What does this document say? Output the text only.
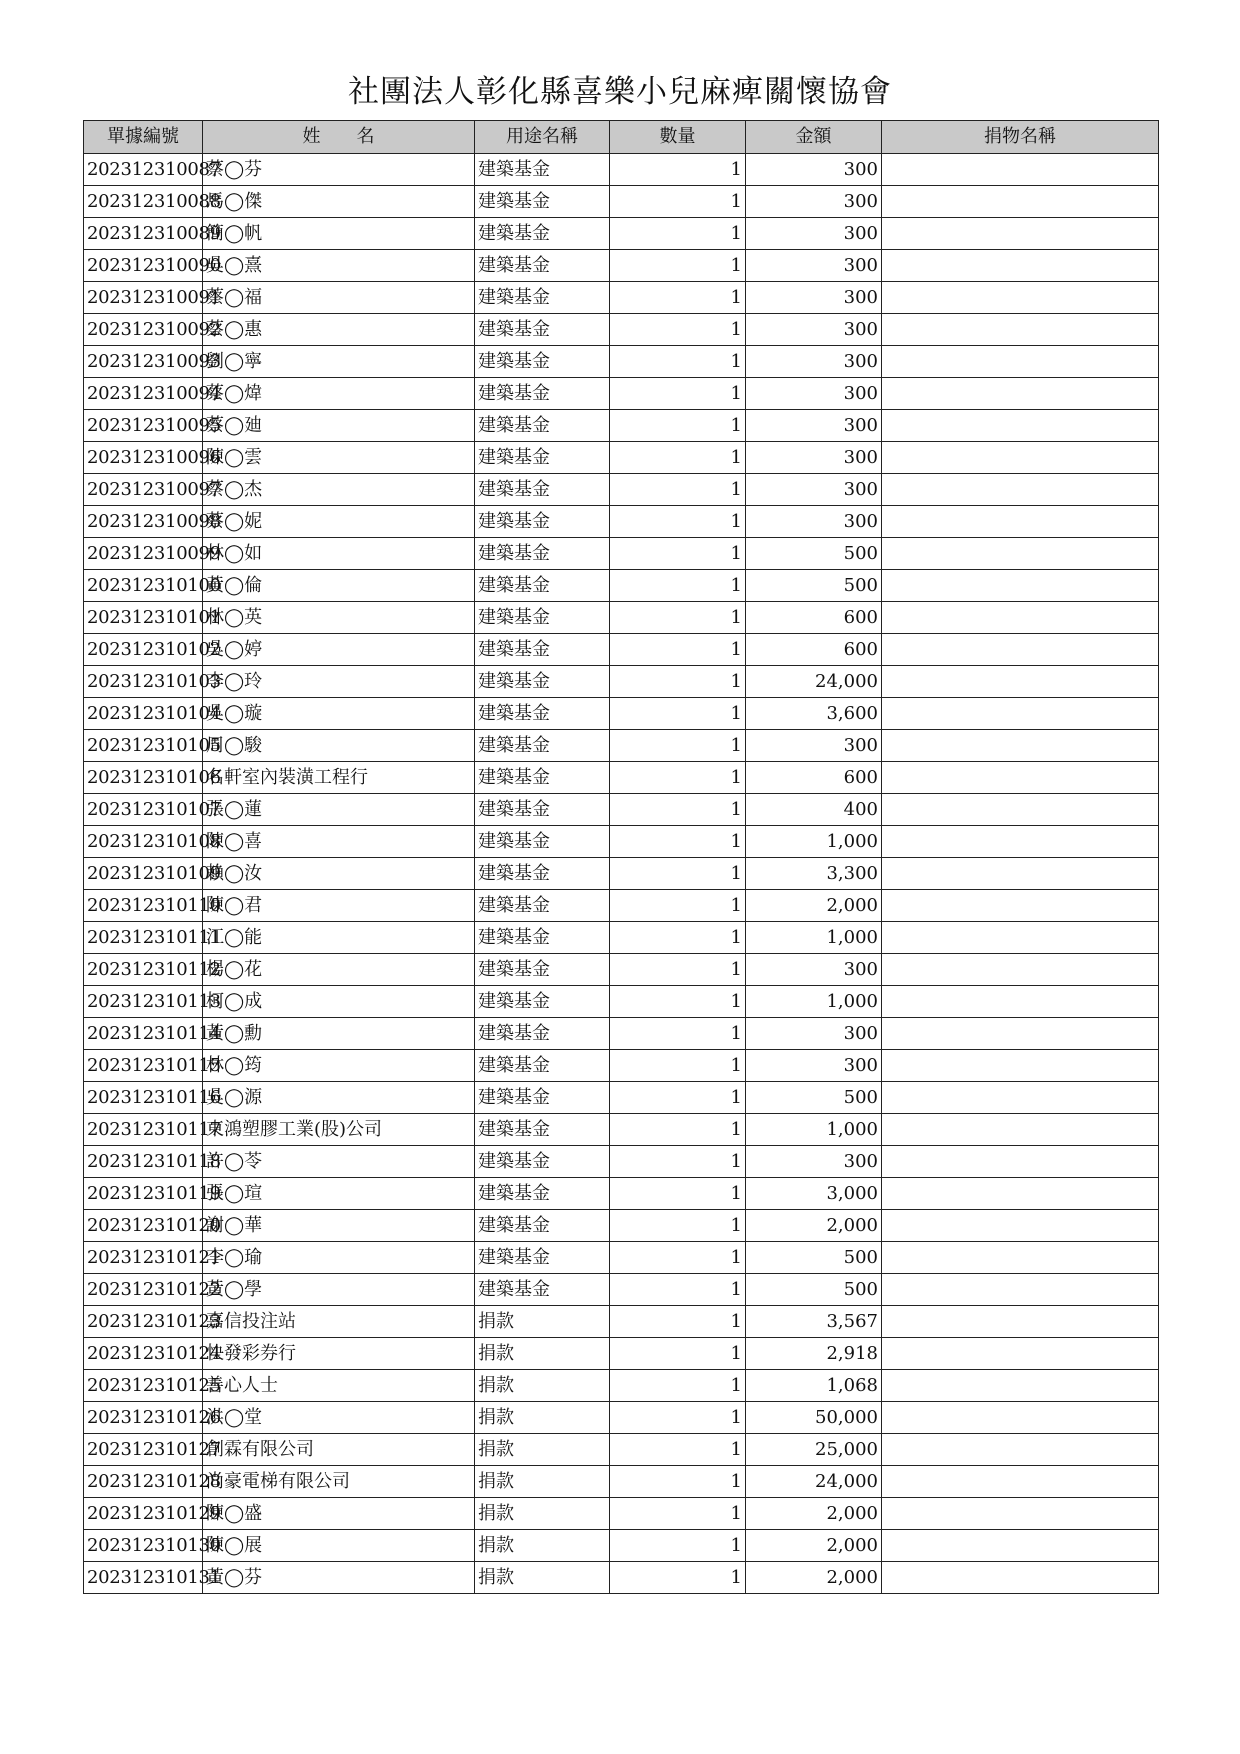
社團法人彰化縣喜樂小兒麻痺關懷協會
單據編號	姓　　名	用途名稱	數量	金額	捐物名稱
202312310087	蔡◯芬	建築基金	1	300	
202312310088	馬◯傑	建築基金	1	300	
202312310089	簡◯帆	建築基金	1	300	
202312310090	吳◯熹	建築基金	1	300	
202312310091	蔡◯福	建築基金	1	300	
202312310092	蔡◯惠	建築基金	1	300	
202312310093	劉◯寧	建築基金	1	300	
202312310094	蔡◯煒	建築基金	1	300	
202312310095	蔡◯廸	建築基金	1	300	
202312310096	陳◯雲	建築基金	1	300	
202312310097	蔡◯杰	建築基金	1	300	
202312310098	蔡◯妮	建築基金	1	300	
202312310099	林◯如	建築基金	1	500	
202312310100	黃◯倫	建築基金	1	500	
202312310101	林◯英	建築基金	1	600	
202312310102	吳◯婷	建築基金	1	600	
202312310103	李◯玲	建築基金	1	24,000	
202312310104	吳◯璇	建築基金	1	3,600	
202312310105	周◯駿	建築基金	1	300	
202312310106	名軒室內裝潢工程行	建築基金	1	600	
202312310107	張◯蓮	建築基金	1	400	
202312310108	陳◯喜	建築基金	1	1,000	
202312310109	賴◯汝	建築基金	1	3,300	
202312310110	陳◯君	建築基金	1	2,000	
202312310111	江◯能	建築基金	1	1,000	
202312310112	楊◯花	建築基金	1	300	
202312310113	柯◯成	建築基金	1	1,000	
202312310114	黃◯勳	建築基金	1	300	
202312310115	林◯筠	建築基金	1	300	
202312310116	吳◯源	建築基金	1	500	
202312310117	東鴻塑膠工業(股)公司	建築基金	1	1,000	
202312310118	許◯苓	建築基金	1	300	
202312310119	張◯瑄	建築基金	1	3,000	
202312310120	謝◯華	建築基金	1	2,000	
202312310121	李◯瑜	建築基金	1	500	
202312310122	黃◯學	建築基金	1	500	
202312310123	嘉信投注站	捐款	1	3,567	
202312310124	快發彩券行	捐款	1	2,918	
202312310125	善心人士	捐款	1	1,068	
202312310126	洪◯堂	捐款	1	50,000	
202312310127	創霖有限公司	捐款	1	25,000	
202312310128	尚豪電梯有限公司	捐款	1	24,000	
202312310129	陳◯盛	捐款	1	2,000	
202312310130	陳◯展	捐款	1	2,000	
202312310131	黃◯芬	捐款	1	2,000	
